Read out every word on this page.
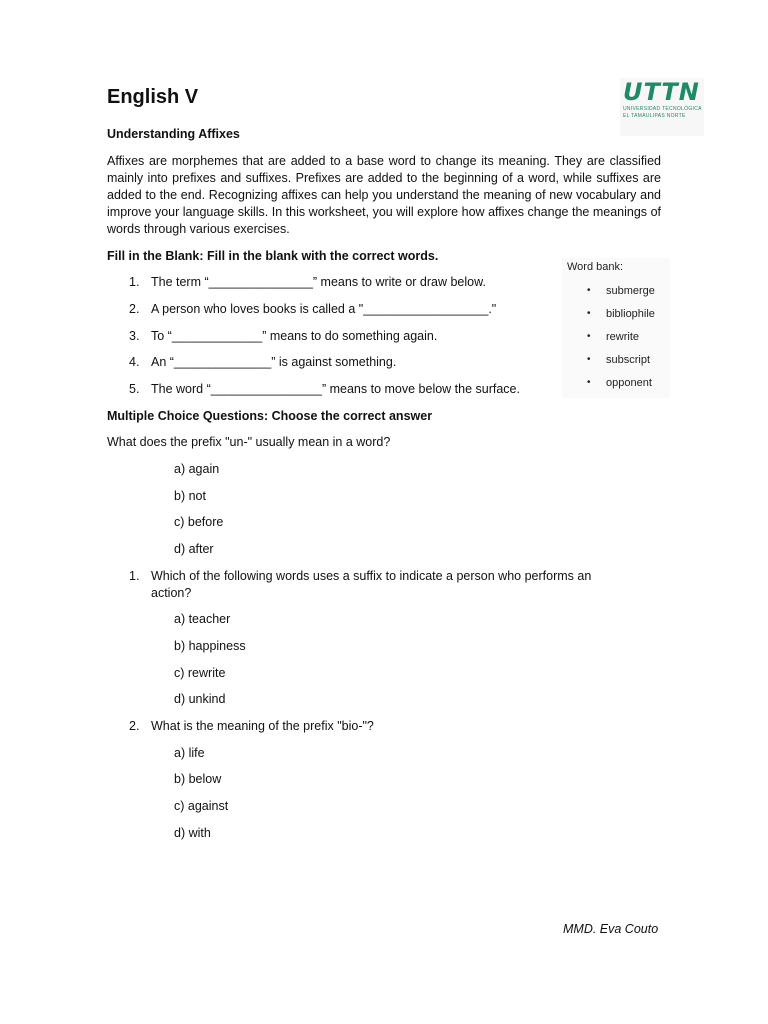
English V	UTTN
UNIVERSIDAD TECNOLÓGICA
EL TAMAULIPAS NORTE
Understanding Affixes
Affixes are morphemes that are added to a base word to change its meaning. They are classified mainly into prefixes and suffixes. Prefixes are added to the beginning of a word, while suffixes are added to the end. Recognizing affixes can help you understand the meaning of new vocabulary and improve your language skills. In this worksheet, you will explore how affixes change the meanings of words through various exercises.
Fill in the Blank: Fill in the blank with the correct words.
1. The term “_______________” means to write or draw below.
2. A person who loves books is called a "__________________."
3. To “_____________” means to do something again.
4. An “______________” is against something.
5. The word “________________” means to move below the surface.
Word bank:
• submerge
• bibliophile
• rewrite
• subscript
• opponent
Multiple Choice Questions: Choose the correct answer
What does the prefix "un-" usually mean in a word?
a) again
b) not
c) before
d) after
1. Which of the following words uses a suffix to indicate a person who performs an
action?
a) teacher
b) happiness
c) rewrite
d) unkind
2. What is the meaning of the prefix "bio-"?
a) life
b) below
c) against
d) with
MMD. Eva Couto
